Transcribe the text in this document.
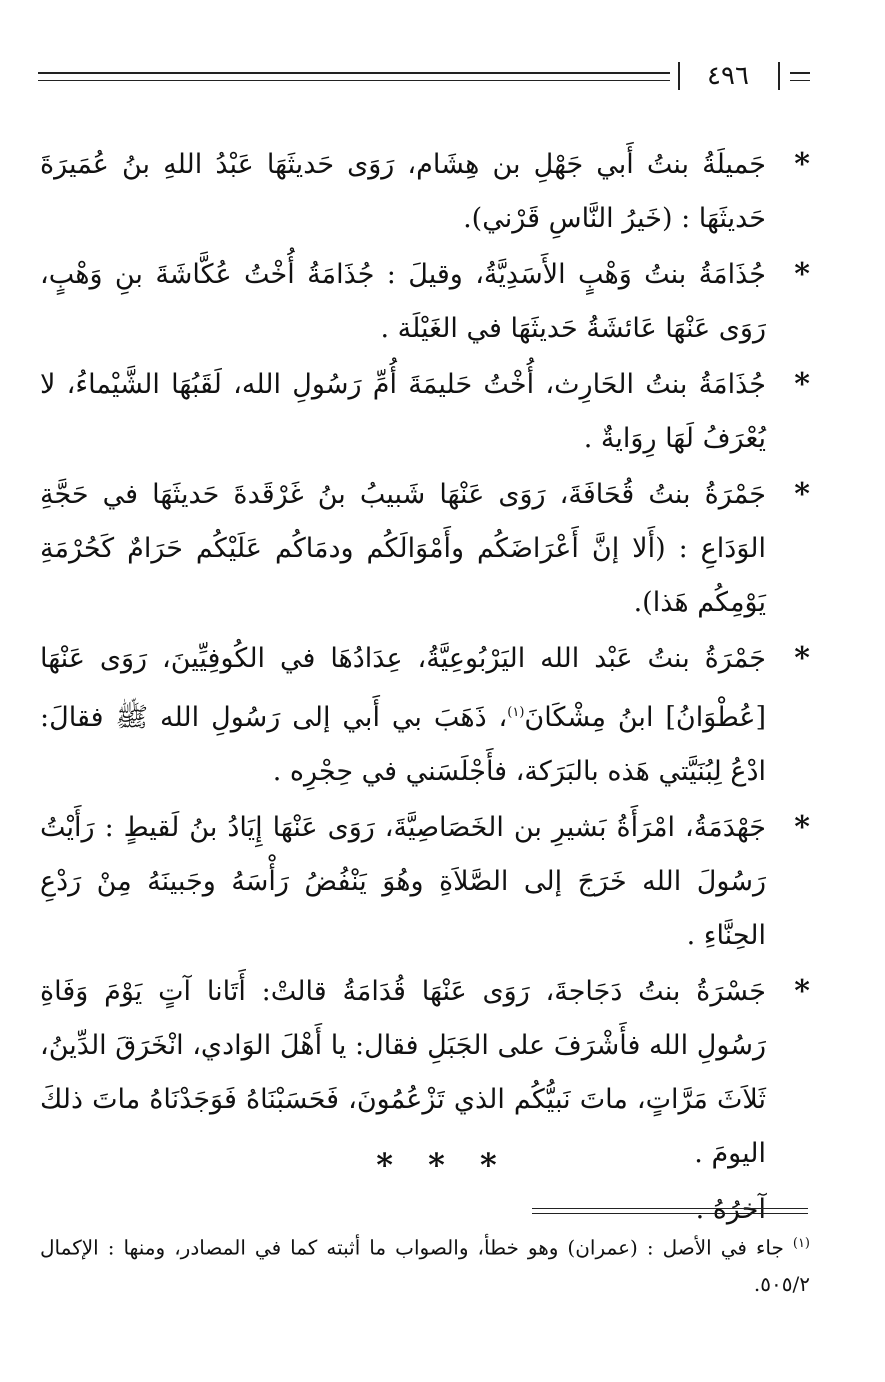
٤٩٦
*
جَميلَةُ بنتُ أَبي جَهْلِ بن هِشَام، رَوَى حَديثَهَا عَبْدُ اللهِ بنُ عُمَيرَةَ حَديثَهَا : (خَيرُ النَّاسِ قَرْني).
*
جُذَامَةُ بنتُ وَهْبٍ الأَسَدِيَّةُ، وقيلَ : جُذَامَةُ أُخْتُ عُكَّاشَةَ بنِ وَهْبٍ، رَوَى عَنْهَا عَائشَةُ حَديثَهَا في الغَيْلَة .
*
جُذَامَةُ بنتُ الحَارِث، أُخْتُ حَليمَةَ أُمِّ رَسُولِ الله، لَقَبُهَا الشَّيْماءُ، لا يُعْرَفُ لَهَا رِوَايةٌ .
*
جَمْرَةُ بنتُ قُحَافَةَ، رَوَى عَنْهَا شَبيبُ بنُ غَرْقَدةَ حَديثَهَا في حَجَّةِ الوَدَاعِ : (أَلا إنَّ أَعْرَاضَكُم وأَمْوَالَكُم ودمَاكُم عَلَيْكُم حَرَامٌ كَحُرْمَةِ يَوْمِكُم هَذا).
*
جَمْرَةُ بنتُ عَبْد الله اليَرْبُوعِيَّةُ، عِدَادُهَا في الكُوفِيِّينَ، رَوَى عَنْهَا [عُطْوَانُ] ابنُ مِشْكَانَ$^{(١)}$، ذَهَبَ بي أَبي إلى رَسُولِ الله ﷺ فقالَ: ادْعُ لِبُنَيَّتي هَذه بالبَرَكة، فأَجْلَسَني في حِجْرِه .
*
جَهْدَمَةُ، امْرَأَةُ بَشيرِ بن الخَصَاصِيَّةَ، رَوَى عَنْهَا إِيَادُ بنُ لَقيطٍ : رَأَيْتُ رَسُولَ الله خَرَجَ إلى الصَّلاَةِ وهُوَ يَنْفُضُ رَأْسَهُ وجَبينَهُ مِنْ رَدْعِ الحِنَّاءِ .
*
جَسْرَةُ بنتُ دَجَاجةَ، رَوَى عَنْهَا قُدَامَةُ قالتْ: أَتَانا آتٍ يَوْمَ وَفَاةِ رَسُولِ الله فأَشْرَفَ على الجَبَلِ فقال: يا أَهْلَ الوَادي، انْخَرَقَ الدِّينُ، ثَلاَثَ مَرَّاتٍ، ماتَ نَبيُّكُم الذي تَزْعُمُونَ، فَحَسَبْنَاهُ فَوَجَدْنَاهُ ماتَ ذلكَ اليومَ .
آخرُهُ .
* * *
$^{(١)}$ جاء في الأصل : (عمران) وهو خطأ، والصواب ما أثبته كما في المصادر، ومنها : الإكمال ٥٠٥/٢.
